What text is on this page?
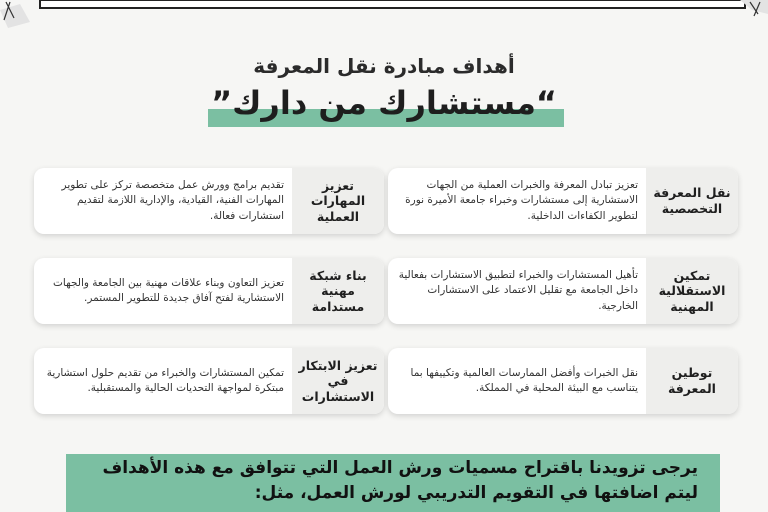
أهداف مبادرة نقل المعرفة
“مستشارك من دارك”
نقل المعرفة التخصصية
تعزيز تبادل المعرفة والخبرات العملية من الجهات الاستشارية إلى مستشارات وخبراء جامعة الأميرة نورة لتطوير الكفاءات الداخلية.
تمكين الاستقلالية المهنية
تأهيل المستشارات والخبراء لتطبيق الاستشارات بفعالية داخل الجامعة مع تقليل الاعتماد على الاستشارات الخارجية.
توطين المعرفة
نقل الخبرات وأفضل الممارسات العالمية وتكييفها بما يتناسب مع البيئة المحلية في المملكة.
تعزيز المهارات العملية
تقديم برامج وورش عمل متخصصة تركز على تطوير المهارات الفنية، القيادية، والإدارية اللازمة لتقديم استشارات فعالة.
بناء شبكة مهنية مستدامة
تعزيز التعاون وبناء علاقات مهنية بين الجامعة والجهات الاستشارية لفتح آفاق جديدة للتطوير المستمر.
تعزيز الابتكار في الاستشارات
تمكين المستشارات والخبراء من تقديم حلول استشارية مبتكرة لمواجهة التحديات الحالية والمستقبلية.
يرجى تزويدنا باقتراح مسميات ورش العمل التي تتوافق مع هذه الأهداف
ليتم اضافتها في التقويم التدريبي لورش العمل، مثل:
